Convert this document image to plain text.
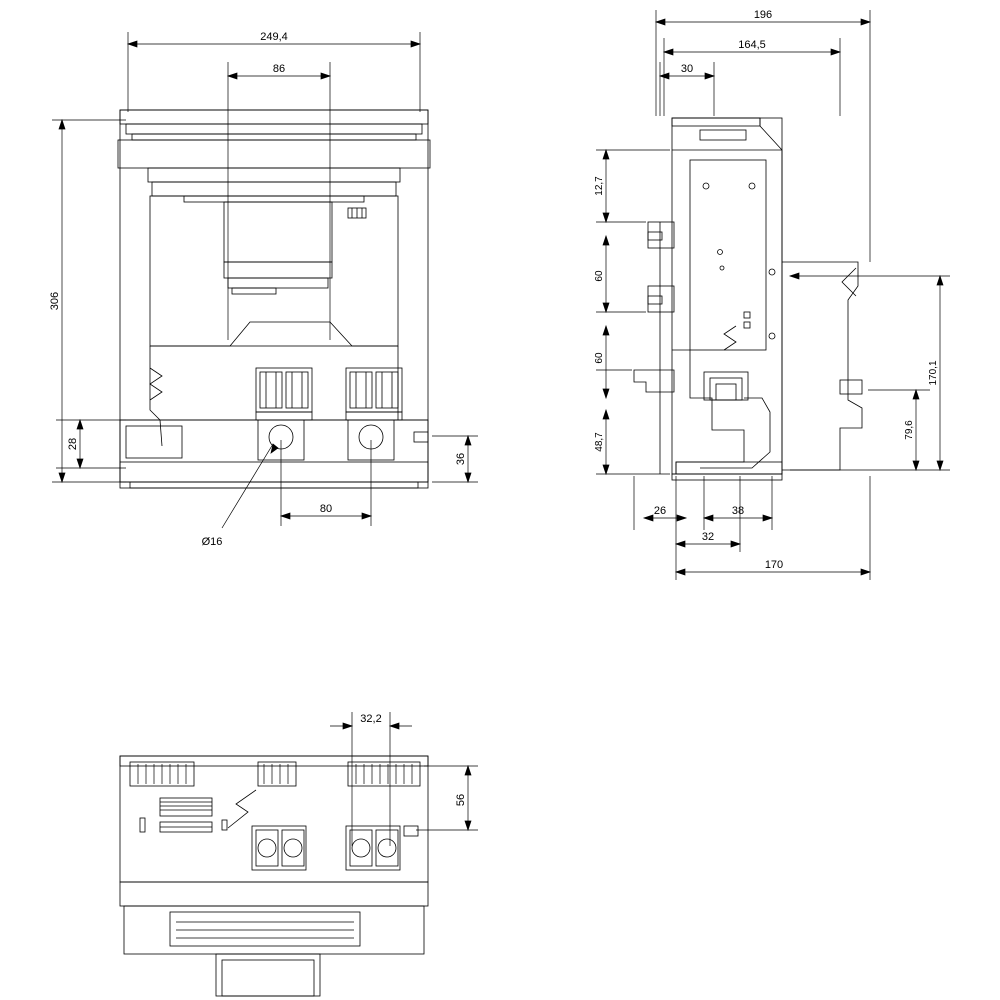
249,4
86
306
28
36
80
Ø16
196
164,5
30
12,7
60
60
48,7
170,1
79,6
26	38
32
170
32,2
56
